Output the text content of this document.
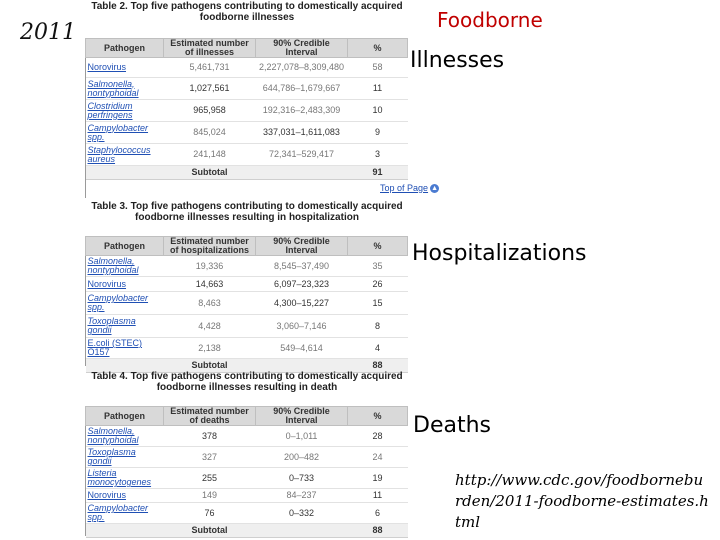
2011	Foodborne
Illnesses
Hospitalizations
Deaths
http://www.cdc.gov/foodborneburden/2011-foodborne-estimates.html
Table 2. Top five pathogens contributing to domestically acquired foodborne illnesses
Pathogen	Estimated number of illnesses	90% Credible Interval	%
Norovirus	5,461,731	2,227,078–8,309,480	58
Salmonella, nontyphoidal	1,027,561	644,786–1,679,667	11
Clostridium perfringens	965,958	192,316–2,483,309	10
Campylobacter spp.	845,024	337,031–1,611,083	9
Staphylococcus aureus	241,148	72,341–529,417	3
	Subtotal		91
Top of Page ▲
Table 3. Top five pathogens contributing to domestically acquired foodborne illnesses resulting in hospitalization
Pathogen	Estimated number of hospitalizations	90% Credible Interval	%
Salmonella, nontyphoidal	19,336	8,545–37,490	35
Norovirus	14,663	6,097–23,323	26
Campylobacter spp.	8,463	4,300–15,227	15
Toxoplasma gondii	4,428	3,060–7,146	8
E.coli (STEC) O157	2,138	549–4,614	4
	Subtotal		88
Table 4. Top five pathogens contributing to domestically acquired foodborne illnesses resulting in death
Pathogen	Estimated number of deaths	90% Credible Interval	%
Salmonella, nontyphoidal	378	0–1,011	28
Toxoplasma gondii	327	200–482	24
Listeria monocytogenes	255	0–733	19
Norovirus	149	84–237	11
Campylobacter spp.	76	0–332	6
	Subtotal		88
